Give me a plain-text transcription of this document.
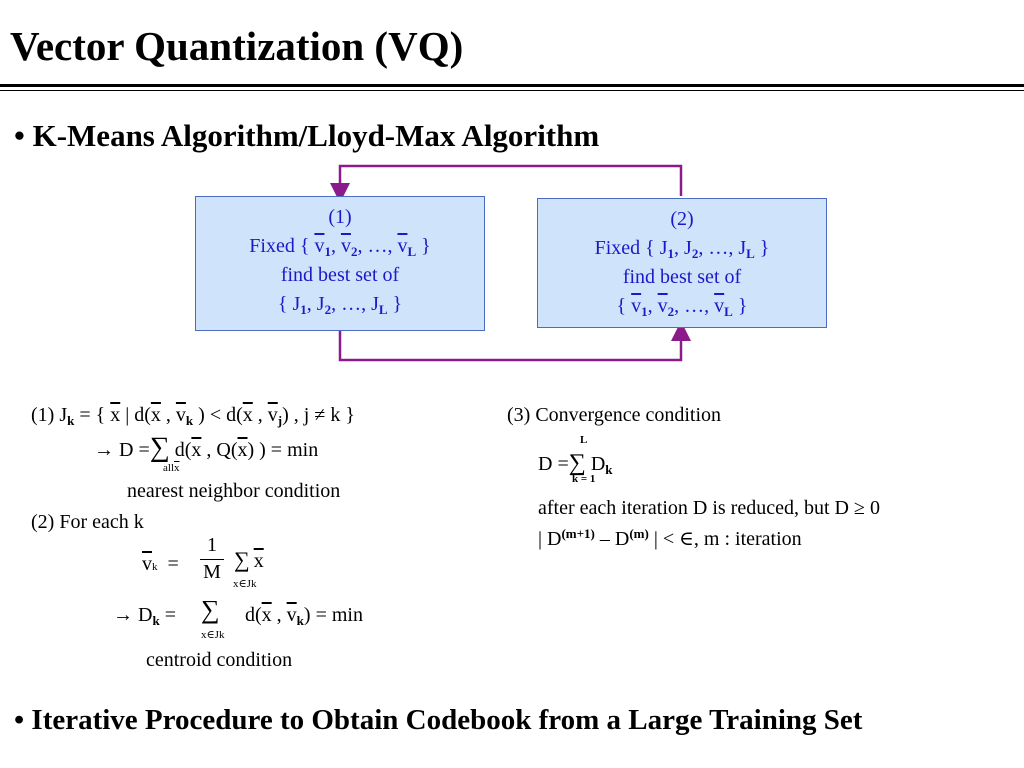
Vector Quantization (VQ)
• K-Means Algorithm/Lloyd-Max Algorithm
(1)
Fixed { $\overline{v}_1$, $\overline{v}_2$, …, $\overline{v}_L$ }
find best set of
{ $J_1$, $J_2$, …, $J_L$ }
(2)
Fixed { $J_1$, $J_2$, …, $J_L$ }
find best set of
{ $\overline{v}_1$, $\overline{v}_2$, …, $\overline{v}_L$ }
(1) $J_k$ = { $\overline{x}$ | $d(\overline{x}$ , $\overline{v}_k$ ) < $d(\overline{x}$ , $\overline{v}_j$) , j ≠ k }
→ D =∑ $d(\overline{x}$ , $Q(\overline{x})$ ) = min
$all\overline{x}$
nearest neighbor condition
(2) For each k
$\overline{v}k = \frac{1}{M}$ ∑ $\overline{x}$
x∈Jk
→ $D_k$ = ∑ $d(\overline{x}$ , $\overline{v}_k) = \min$
x∈Jk
centroid condition
(3) Convergence condition
L
D =∑ $D_k$
k = 1
after each iteration D is reduced, but D ≥ 0
| $D^{(m+1)} - D^{(m)}$ | < ∈, m : iteration
• Iterative Procedure to Obtain Codebook from a Large Training Set
